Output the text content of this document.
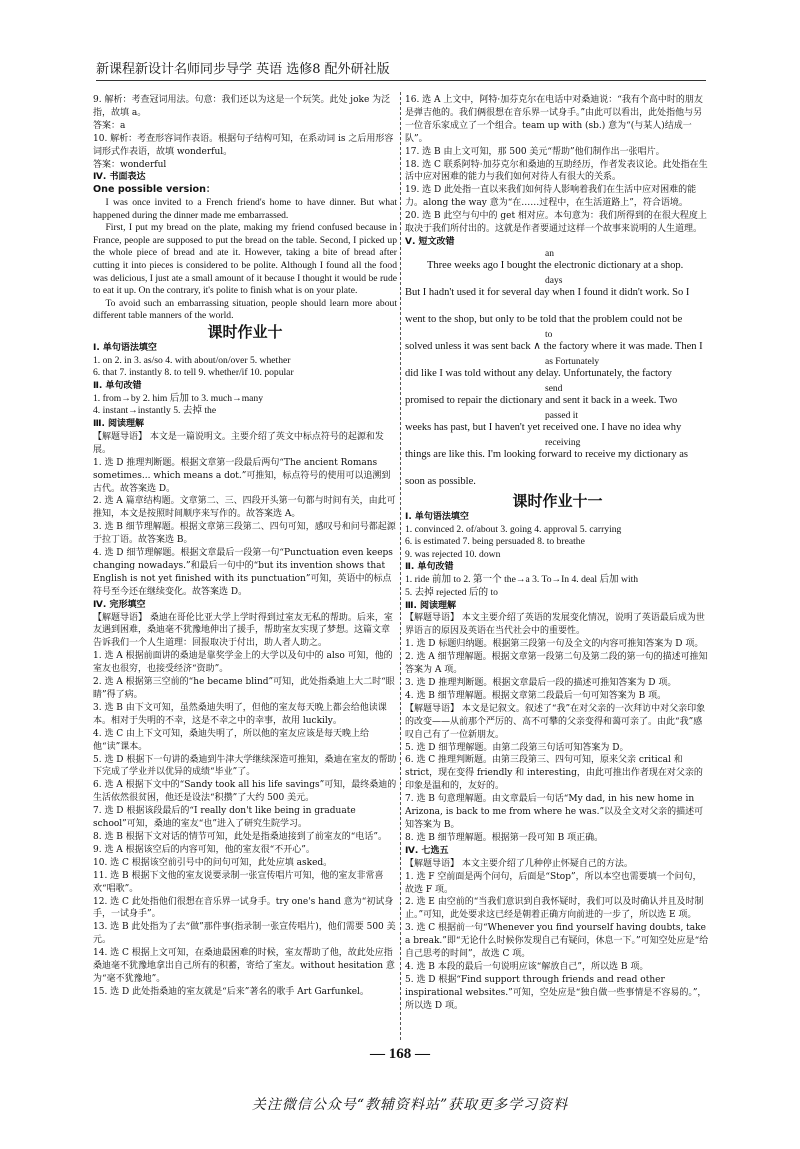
新课程新设计名师同步导学 英语 选修8 配外研社版
9. 解析：考查冠词用法。句意：我们还以为这是一个玩笑。此处 joke 为泛指，故填 a。
答案：a
10. 解析：考查形容词作表语。根据句子结构可知，在系动词 is 之后用形容词形式作表语，故填 wonderful。
答案：wonderful
Ⅳ. 书面表达
One possible version：

I was once invited to a French friend's home to have dinner. But what happened during the dinner made me embarrassed.

First, I put my bread on the plate, making my friend confused because in France, people are supposed to put the bread on the table. Second, I picked up the whole piece of bread and ate it. However, taking a bite of bread after cutting it into pieces is considered to be polite. Although I found all the food was delicious, I just ate a small amount of it because I thought it would be rude to eat it up. On the contrary, it's polite to finish what is on your plate.

To avoid such an embarrassing situation, people should learn more about different table manners of the world.

课时作业十
Ⅰ. 单句语法填空
1. on 2. in 3. as/so 4. with about/on/over 5. whether
6. that 7. instantly 8. to tell 9. whether/if 10. popular
Ⅱ. 单句改错
1. from→by 2. him 后加 to 3. much→many
4. instant→instantly 5. 去掉 the
Ⅲ. 阅读理解
【解题导语】 本文是一篇说明文。主要介绍了英文中标点符号的起源和发展。
1. 选 D 推理判断题。根据文章第一段最后两句“The ancient Romans sometimes... which means a dot.”可推知，标点符号的使用可以追溯到古代。故答案选 D。
2. 选 A 篇章结构题。文章第二、三、四段开头第一句都与时间有关，由此可推知，本文是按照时间顺序来写作的。故答案选 A。
3. 选 B 细节理解题。根据文章第三段第二、四句可知，感叹号和问号都起源于拉丁语。故答案选 B。
4. 选 D 细节理解题。根据文章最后一段第一句“Punctuation even keeps changing nowadays.”和最后一句中的“but its invention shows that English is not yet finished with its punctuation”可知，英语中的标点符号至今还在继续变化。故答案选 D。
Ⅳ. 完形填空
【解题导语】 桑迪在哥伦比亚大学上学时得到过室友无私的帮助。后来，室友遇到困难，桑迪毫不犹豫地伸出了援手，帮助室友实现了梦想。这篇文章告诉我们一个人生道理：回报取决于付出，助人者人助之。
1. 选 A 根据前面讲的桑迪是靠奖学金上的大学以及句中的 also 可知，他的室友也很穷，也接受经济“资助”。
2. 选 A 根据第三空前的“he became blind”可知，此处指桑迪上大二时“眼睛”得了病。
3. 选 B 由下文可知，虽然桑迪失明了，但他的室友每天晚上都会给他读课本。相对于失明的不幸，这是不幸之中的幸事，故用 luckily。
4. 选 C 由上下文可知，桑迪失明了，所以他的室友应该是每天晚上给他“读”课本。
5. 选 D 根据下一句讲的桑迪到牛津大学继续深造可推知，桑迪在室友的帮助下完成了学业并以优异的成绩“毕业”了。
6. 选 A 根据下文中的“Sandy took all his life savings”可知，最终桑迪的生活依然很贫困，他还是设法“积攒”了大约 500 美元。
7. 选 D 根据该段最后的“I really don't like being in graduate school”可知，桑迪的室友“也”进入了研究生院学习。
8. 选 B 根据下文对话的情节可知，此处是指桑迪接到了前室友的“电话”。
9. 选 A 根据该空后的内容可知，他的室友很“不开心”。
10. 选 C 根据该空前引号中的问句可知，此处应填 asked。
11. 选 B 根据下文他的室友说要录制一张宣传唱片可知，他的室友非常喜欢“唱歌”。
12. 选 C 此处指他们很想在音乐界一试身手。try one's hand 意为“初试身手，一试身手”。
13. 选 B 此处指为了去“做”那件事(指录制一张宣传唱片)，他们需要 500 美元。
14. 选 C 根据上文可知，在桑迪最困难的时候，室友帮助了他，故此处应指桑迪毫不犹豫地拿出自己所有的积蓄，寄给了室友。without hesitation 意为“毫不犹豫地”。
15. 选 D 此处指桑迪的室友就是“后来”著名的歌手 Art Garfunkel。
16. 选 A 上文中，阿特·加芬克尔在电话中对桑迪说：“我有个高中时的朋友是弹吉他的。我们俩很想在音乐界一试身手。”由此可以看出，此处指他与另一位音乐家成立了一个组合。team up with (sb.) 意为“(与某人)结成一队”。
17. 选 B 由上文可知，那 500 美元“帮助”他们制作出一张唱片。
18. 选 C 联系阿特·加芬克尔和桑迪的互助经历，作者发表议论。此处指在生活中应对困难的能力与我们如何对待人有很大的关系。
19. 选 D 此处指一直以来我们如何待人影响着我们在生活中应对困难的能力。along the way 意为“在……过程中，在生活道路上”，符合语境。
20. 选 B 此空与句中的 get 相对应。本句意为：我们所得到的在很大程度上取决于我们所付出的。这就是作者要通过这样一个故事来说明的人生道理。
Ⅴ. 短文改错
an
Three weeks ago I bought the electronic dictionary at a shop.
days
But I hadn't used it for several day when I found it didn't work. So I
went to the shop, but only to be told that the problem could not be
to
solved unless it was sent back ∧ the factory where it was made. Then I
as Fortunately
did like I was told without any delay. Unfortunately, the factory
send
promised to repair the dictionary and sent it back in a week. Two
passed it
weeks has past, but I haven't yet received one. I have no idea why
receiving
things are like this. I'm looking forward to receive my dictionary as
soon as possible.
课时作业十一
Ⅰ. 单句语法填空
1. convinced 2. of/about 3. going 4. approval 5. carrying
6. is estimated 7. being persuaded 8. to breathe
9. was rejected 10. down
Ⅱ. 单句改错
1. ride 前加 to 2. 第一个 the→a 3. To→In 4. deal 后加 with
5. 去掉 rejected 后的 to
Ⅲ. 阅读理解
【解题导语】 本文主要介绍了英语的发展变化情况，说明了英语最后成为世界语言的原因及英语在当代社会中的重要性。
1. 选 D 标题归纳题。根据第三段第一句及全文的内容可推知答案为 D 项。
2. 选 A 细节理解题。根据文章第一段第二句及第二段的第一句的描述可推知答案为 A 项。
3. 选 D 推理判断题。根据文章最后一段的描述可推知答案为 D 项。
4. 选 B 细节理解题。根据文章第二段最后一句可知答案为 B 项。
【解题导语】 本文是记叙文。叙述了“我”在对父亲的一次拜访中对父亲印象的改变——从前那个严厉的、高不可攀的父亲变得和蔼可亲了。由此“我”感叹自己有了一位新朋友。
5. 选 D 细节理解题。由第二段第三句话可知答案为 D。
6. 选 C 推理判断题。由第三段第三、四句可知，原来父亲 critical 和 strict，现在变得 friendly 和 interesting，由此可推出作者现在对父亲的印象是温和的，友好的。
7. 选 B 句意理解题。由文章最后一句话“My dad, in his new home in Arizona, is back to me from where he was.”以及全文对父亲的描述可知答案为 B。
8. 选 B 细节理解题。根据第一段可知 B 项正确。
Ⅳ. 七选五
【解题导语】 本文主要介绍了几种停止怀疑自己的方法。
1. 选 F 空前面是两个问句，后面是“Stop”，所以本空也需要填一个问句，故选 F 项。
2. 选 E 由空前的“当我们意识到自我怀疑时，我们可以及时确认并且及时制止。”可知，此处要求这已经是朝着正确方向前进的一步了，所以选 E 项。
3. 选 C 根据前一句“Whenever you find yourself having doubts, take a break.”即“无论什么时候你发现自己有疑问，休息一下。”可知空处应是“给自己思考的时间”，故选 C 项。
4. 选 B 本段的最后一句说明应该“解放自己”，所以选 B 项。
5. 选 D 根据“Find support through friends and read other inspirational websites.”可知，空处应是“独自做一些事情是不容易的。”，所以选 D 项。
— 168 —
关注微信公众号“教辅资料站”获取更多学习资料
